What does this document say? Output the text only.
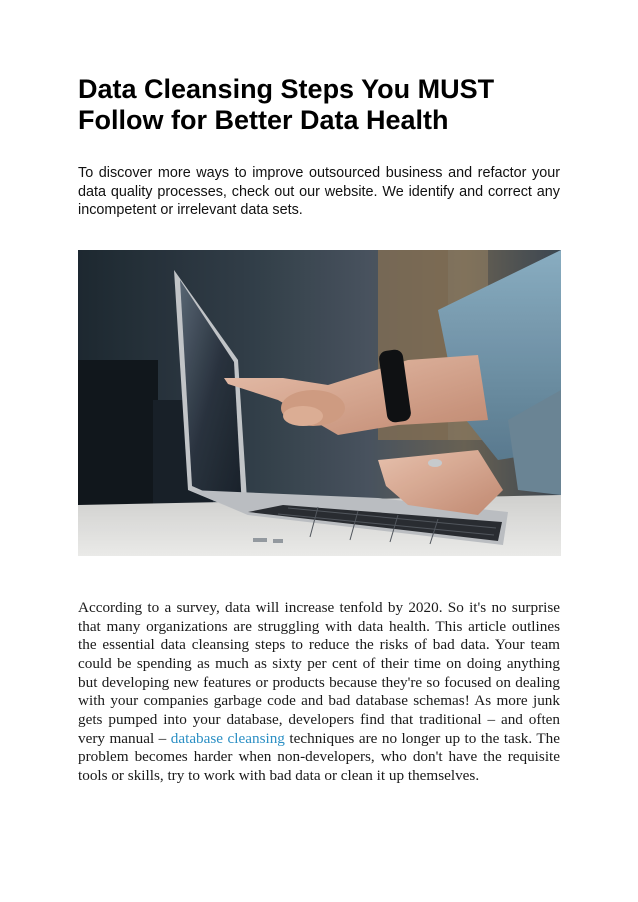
Data Cleansing Steps You MUST Follow for Better Data Health

To discover more ways to improve outsourced business and refactor your data quality processes, check out our website. We identify and correct any incompetent or irrelevant data sets.

According to a survey, data will increase tenfold by 2020. So it's no surprise that many organizations are struggling with data health. This article outlines the essential data cleansing steps to reduce the risks of bad data. Your team could be spending as much as sixty per cent of their time on doing anything but developing new features or products because they're so focused on dealing with your companies garbage code and bad database schemas! As more junk gets pumped into your database, developers find that traditional – and often very manual – database cleansing techniques are no longer up to the task. The problem becomes harder when non-developers, who don't have the requisite tools or skills, try to work with bad data or clean it up themselves.
